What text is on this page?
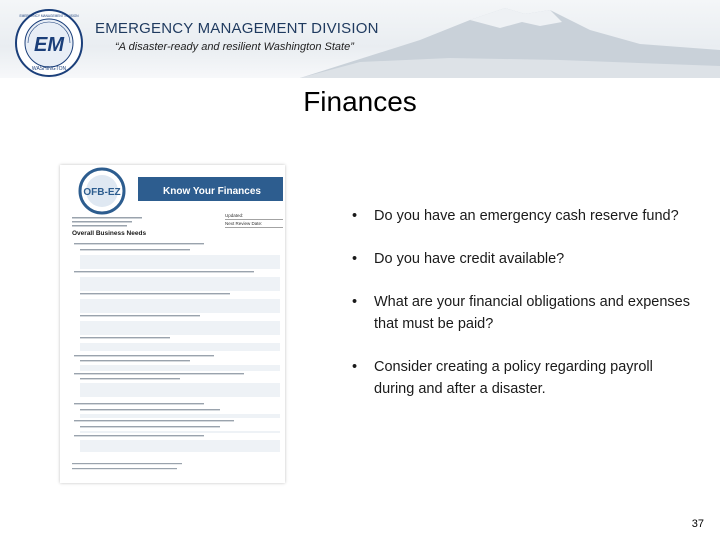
EM
WASHINGTON
EMERGENCY MANAGEMENT DIVISION
EMERGENCY MANAGEMENT DIVISION
“A disaster-ready and resilient Washington State”
Finances
Know Your Finances
OFB-EZ
Updated:
Next Review Date:
Overall Business Needs
• Do you have an emergency cash reserve fund?
• Do you have credit available?
• What are your financial obligations and expenses that must be paid?
• Consider creating a policy regarding payroll during and after a disaster.
37
